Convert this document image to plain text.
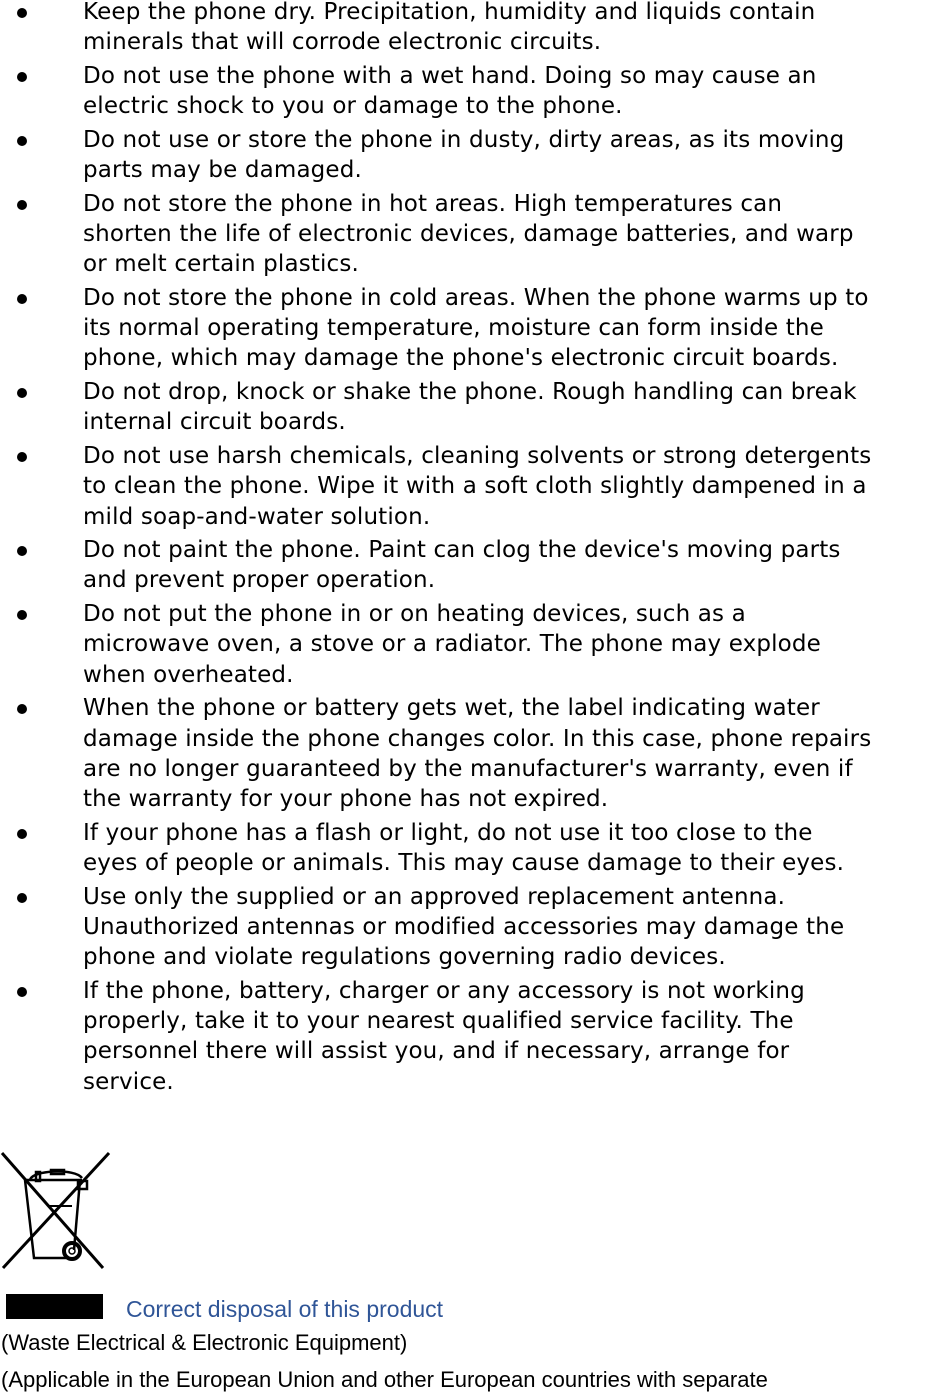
Keep the phone dry. Precipitation, humidity and liquids contain
minerals that will corrode electronic circuits.
Do not use the phone with a wet hand. Doing so may cause an
electric shock to you or damage to the phone.
Do not use or store the phone in dusty, dirty areas, as its moving
parts may be damaged.
Do not store the phone in hot areas. High temperatures can
shorten the life of electronic devices, damage batteries, and warp
or melt certain plastics.
Do not store the phone in cold areas. When the phone warms up to
its normal operating temperature, moisture can form inside the
phone, which may damage the phone's electronic circuit boards.
Do not drop, knock or shake the phone. Rough handling can break
internal circuit boards.
Do not use harsh chemicals, cleaning solvents or strong detergents
to clean the phone. Wipe it with a soft cloth slightly dampened in a
mild soap-and-water solution.
Do not paint the phone. Paint can clog the device's moving parts
and prevent proper operation.
Do not put the phone in or on heating devices, such as a
microwave oven, a stove or a radiator. The phone may explode
when overheated.
When the phone or battery gets wet, the label indicating water
damage inside the phone changes color. In this case, phone repairs
are no longer guaranteed by the manufacturer's warranty, even if
the warranty for your phone has not expired.
If your phone has a flash or light, do not use it too close to the
eyes of people or animals. This may cause damage to their eyes.
Use only the supplied or an approved replacement antenna.
Unauthorized antennas or modified accessories may damage the
phone and violate regulations governing radio devices.
If the phone, battery, charger or any accessory is not working
properly, take it to your nearest qualified service facility. The
personnel there will assist you, and if necessary, arrange for
service.
Correct disposal of this product
(Waste Electrical & Electronic Equipment)
(Applicable in the European Union and other European countries with separate
